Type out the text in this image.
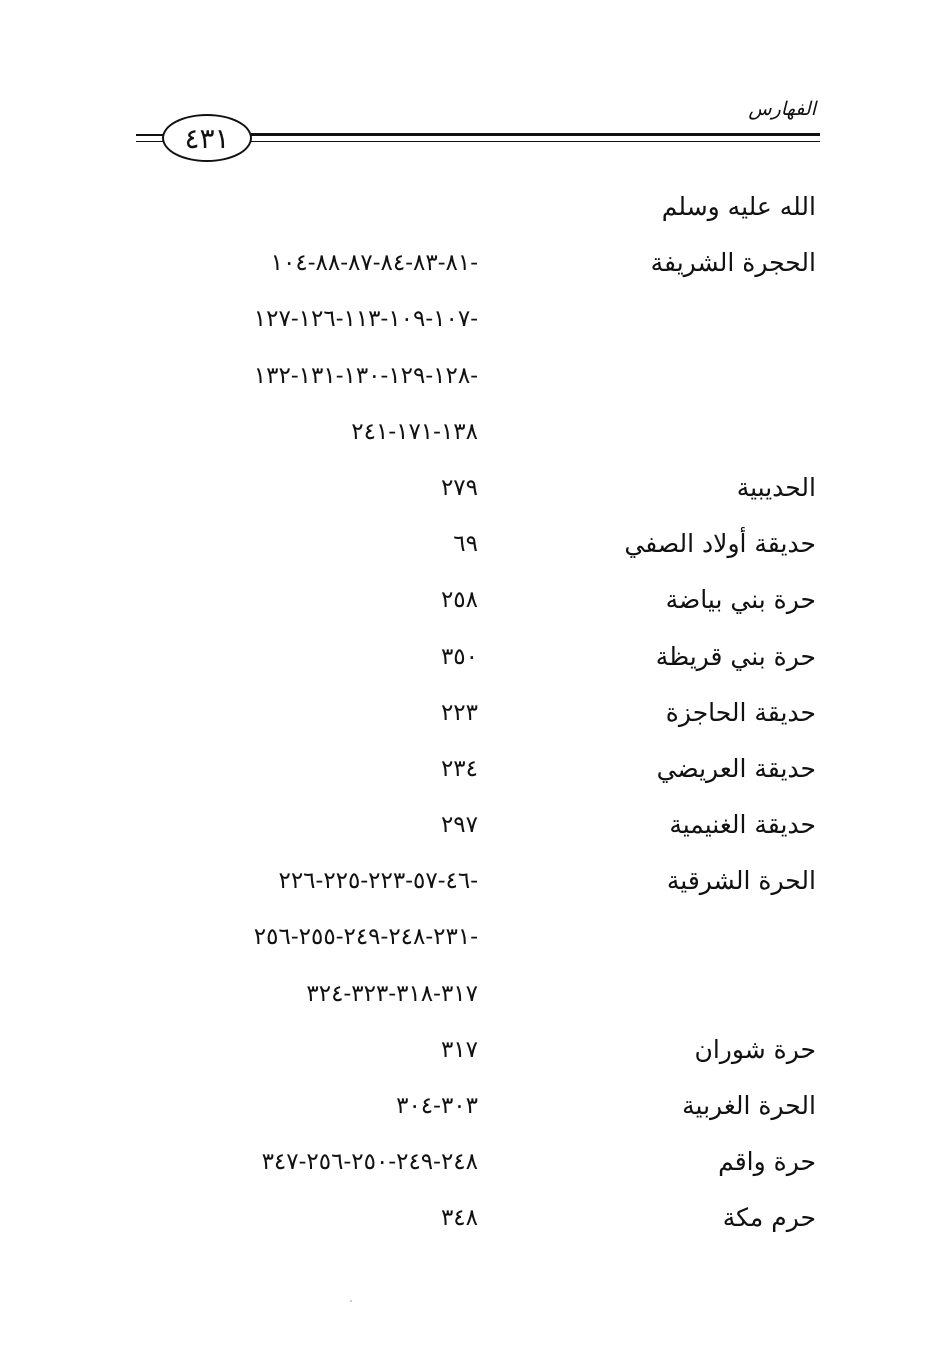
الفهارس
٤٣١
الله عليه وسلم
الحجرة الشريفة
-٨١-٨٣-٨٤-٨٧-٨٨-١٠٤
-١٠٧-١٠٩-١١٣-١٢٦-١٢٧
-١٢٨-١٢٩-١٣٠-١٣١-١٣٢
١٣٨-١٧١-٢٤١
الحديبية
٢٧٩
حديقة أولاد الصفي
٦٩
حرة بني بياضة
٢٥٨
حرة بني قريظة
٣٥٠
حديقة الحاجزة
٢٢٣
حديقة العريضي
٢٣٤
حديقة الغنيمية
٢٩٧
الحرة الشرقية
-٤٦-٥٧-٢٢٣-٢٢٥-٢٢٦
-٢٣١-٢٤٨-٢٤٩-٢٥٥-٢٥٦
٣١٧-٣١٨-٣٢٣-٣٢٤
حرة شوران
٣١٧
الحرة الغربية
٣٠٣-٣٠٤
حرة واقم
٢٤٨-٢٤٩-٢٥٠-٢٥٦-٣٤٧
حرم مكة
٣٤٨
